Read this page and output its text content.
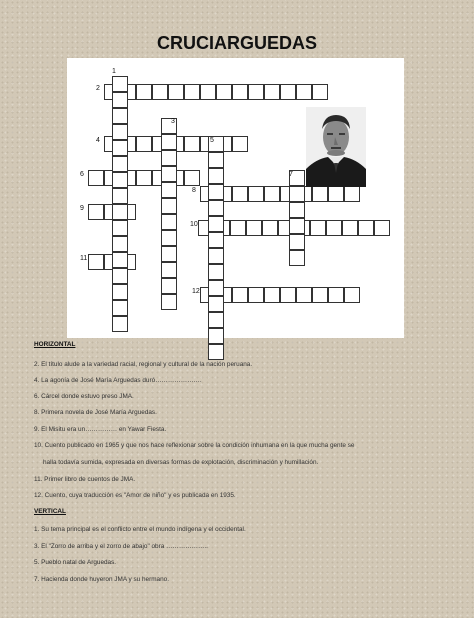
CRUCIARGUEDAS
1
2
3
4	5
6	7
8
9
10
11
12
HORIZONTAL
2. El título alude a la variedad racial, regional y cultural de la nación peruana.
4. La agonía de José María Arguedas duró………………….
6. Cárcel donde estuvo preso JMA.
8. Primera novela de José María Arguedas.
9. El Misitu era un…………… en Yawar Fiesta.
10. Cuento publicado en 1965 y que nos hace reflexionar sobre la condición inhumana en la que mucha gente se
halla todavía sumida, expresada en diversas formas de explotación, discriminación y humillación.
11. Primer libro de cuentos de JMA.
12. Cuento, cuya traducción es "Amor de niño" y es publicada en 1935.
VERTICAL
1. Su tema principal es el conflicto entre el mundo indígena y el occidental.
3. El "Zorro de arriba y el zorro de abajo" obra ………………..
5. Pueblo natal de Arguedas.
7. Hacienda donde huyeron JMA y su hermano.
